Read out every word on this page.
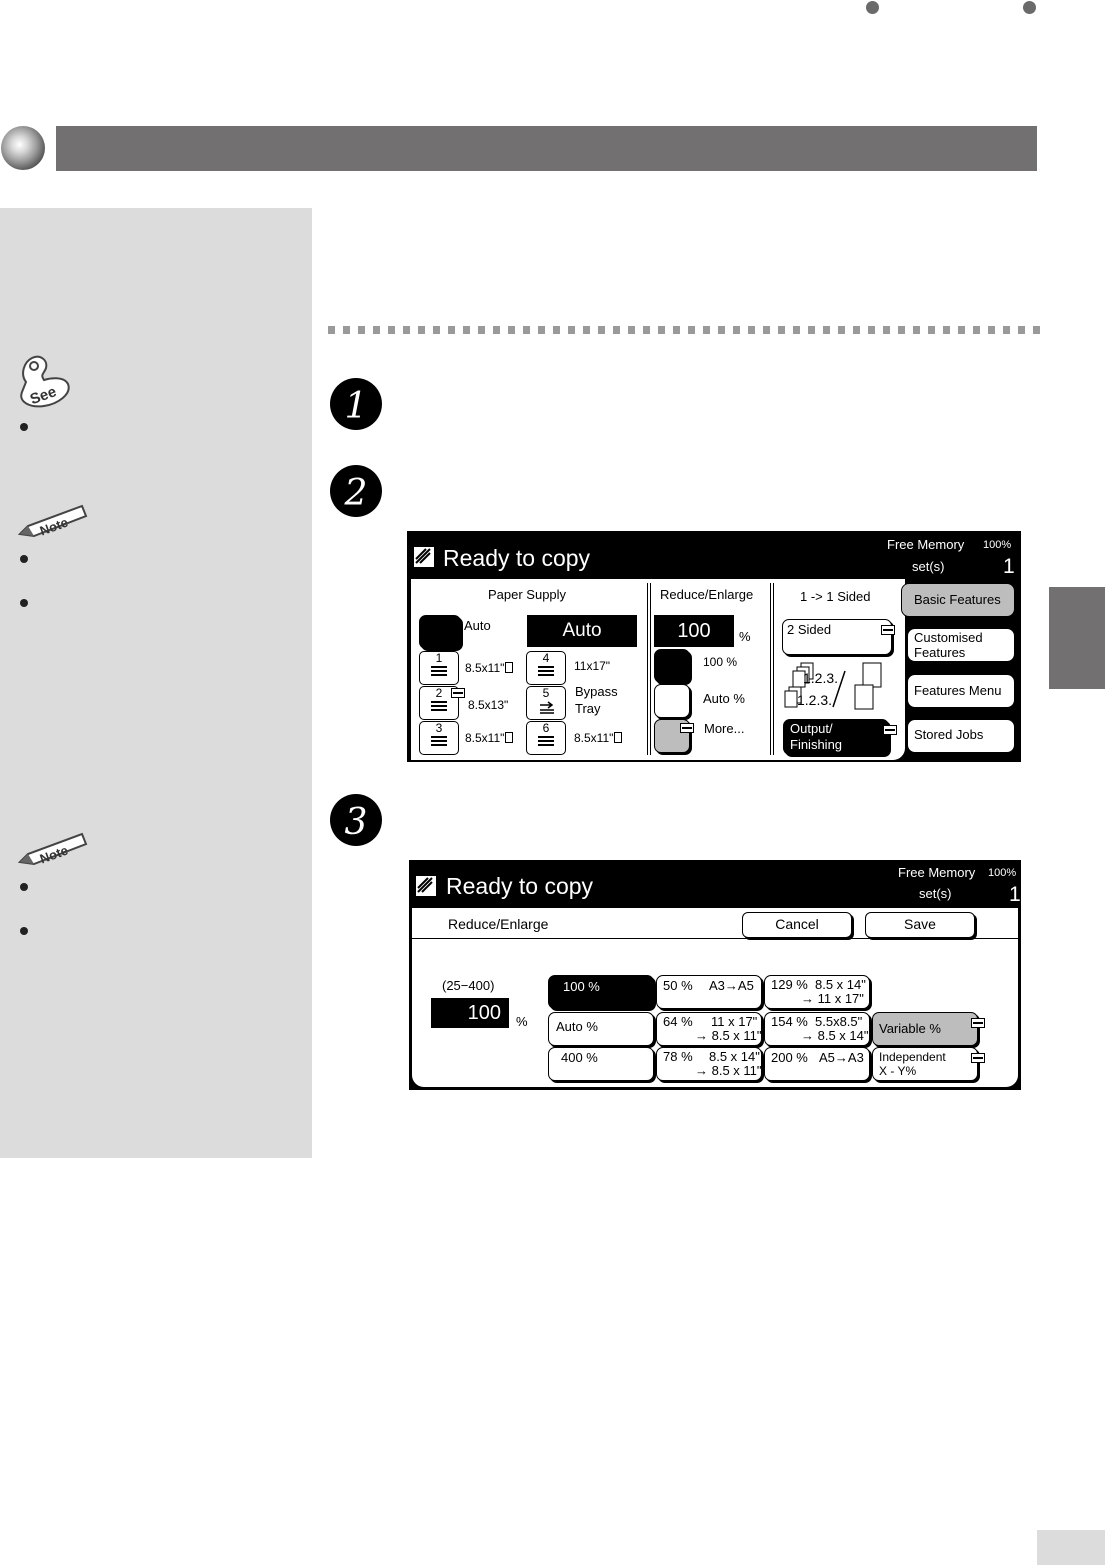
See
Note
Note
1
2
3
Ready to copy
Free Memory 100%
set(s)	1
Paper Supply
Auto	Auto
1
8.5x11"
2
8.5x13"
3
8.5x11"
4
11x17"
5	Bypass Tray
6
8.5x11"
Reduce/Enlarge
100	%
100 %
Auto %
More...
1 -> 1 Sided
2 Sided
1.2.3.
1.2.3.
Output/ Finishing
Basic Features
Customised Features
Features Menu
Stored Jobs
Ready to copy
Free Memory 100%
set(s)	1
Reduce/Enlarge	Cancel	Save
(25−400)
100	%
100 %
Auto %
400 %
50 % A3→A5
64 % 11 x 17"
→ 8.5 x 11"
78 % 8.5 x 14"
→ 8.5 x 11"
129 % 8.5 x 14"
→ 11 x 17"
154 % 5.5x8.5"
→ 8.5 x 14"
200 % A5→A3
Variable %
Independent X - Y%
